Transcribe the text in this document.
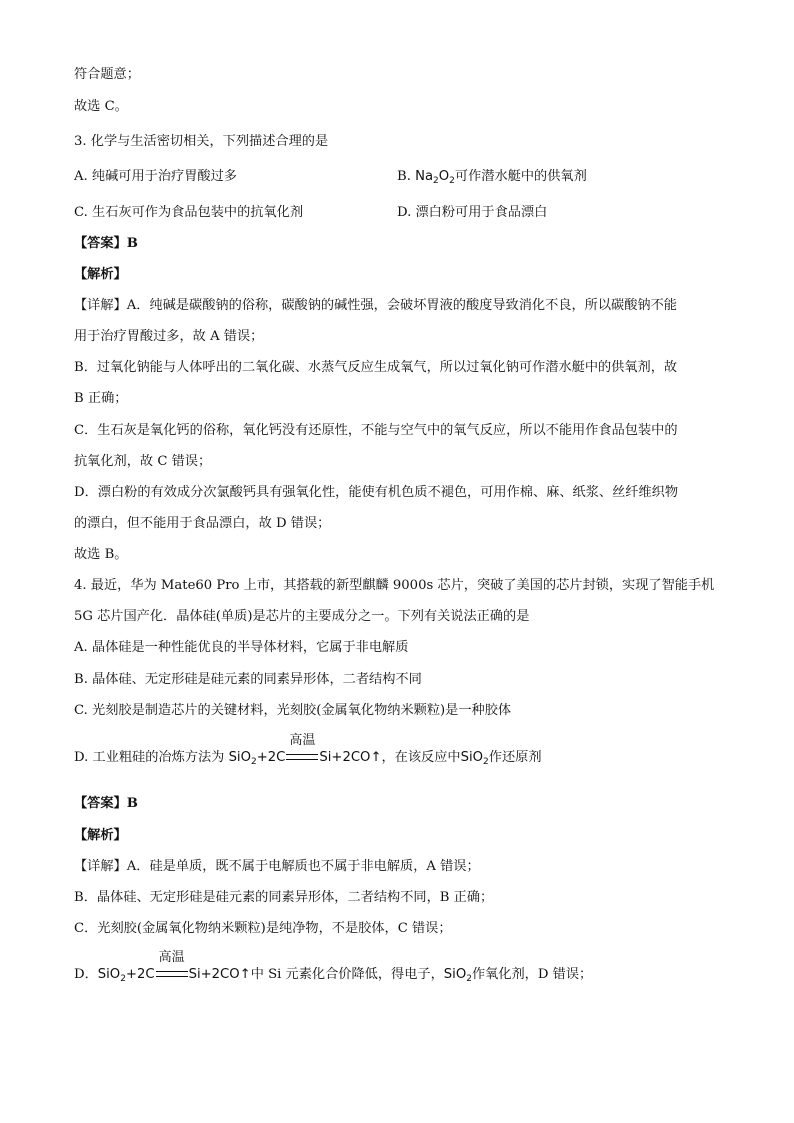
符合题意；
故选 C。
3. 化学与生活密切相关，下列描述合理的是
A. 纯碱可用于治疗胃酸过多	B. $Na_2O_2$可作潜水艇中的供氧剂
C. 生石灰可作为食品包装中的抗氧化剂	D. 漂白粉可用于食品漂白
【答案】B
【解析】
【详解】A．纯碱是碳酸钠的俗称，碳酸钠的碱性强，会破坏胃液的酸度导致消化不良，所以碳酸钠不能
用于治疗胃酸过多，故 A 错误；
B．过氧化钠能与人体呼出的二氧化碳、水蒸气反应生成氧气，所以过氧化钠可作潜水艇中的供氧剂，故
B 正确；
C．生石灰是氧化钙的俗称，氧化钙没有还原性，不能与空气中的氧气反应，所以不能用作食品包装中的
抗氧化剂，故 C 错误；
D．漂白粉的有效成分次氯酸钙具有强氧化性，能使有机色质不褪色，可用作棉、麻、纸浆、丝纤维织物
的漂白，但不能用于食品漂白，故 D 错误；
故选 B。
4. 最近，华为 Mate60 Pro 上市，其搭载的新型麒麟 9000s 芯片，突破了美国的芯片封锁，实现了智能手机
5G 芯片国产化．晶体硅(单质)是芯片的主要成分之一。下列有关说法正确的是
A. 晶体硅是一种性能优良的半导体材料，它属于非电解质
B. 晶体硅、无定形硅是硅元素的同素异形体，二者结构不同
C. 光刻胶是制造芯片的关键材料，光刻胶(金属氧化物纳米颗粒)是一种胶体
D. 工业粗硅的冶炼方法为 SiO$_2$+2C
高温
Si+2CO↑，在该反应中SiO$_2$作还原剂
【答案】B
【解析】
【详解】A．硅是单质，既不属于电解质也不属于非电解质，A 错误；
B．晶体硅、无定形硅是硅元素的同素异形体，二者结构不同，B 正确；
C．光刻胶(金属氧化物纳米颗粒)是纯净物，不是胶体，C 错误；
D．SiO$_2$+2C
高温
Si+2CO↑中 Si 元素化合价降低，得电子，SiO$_2$作氧化剂，D 错误；
